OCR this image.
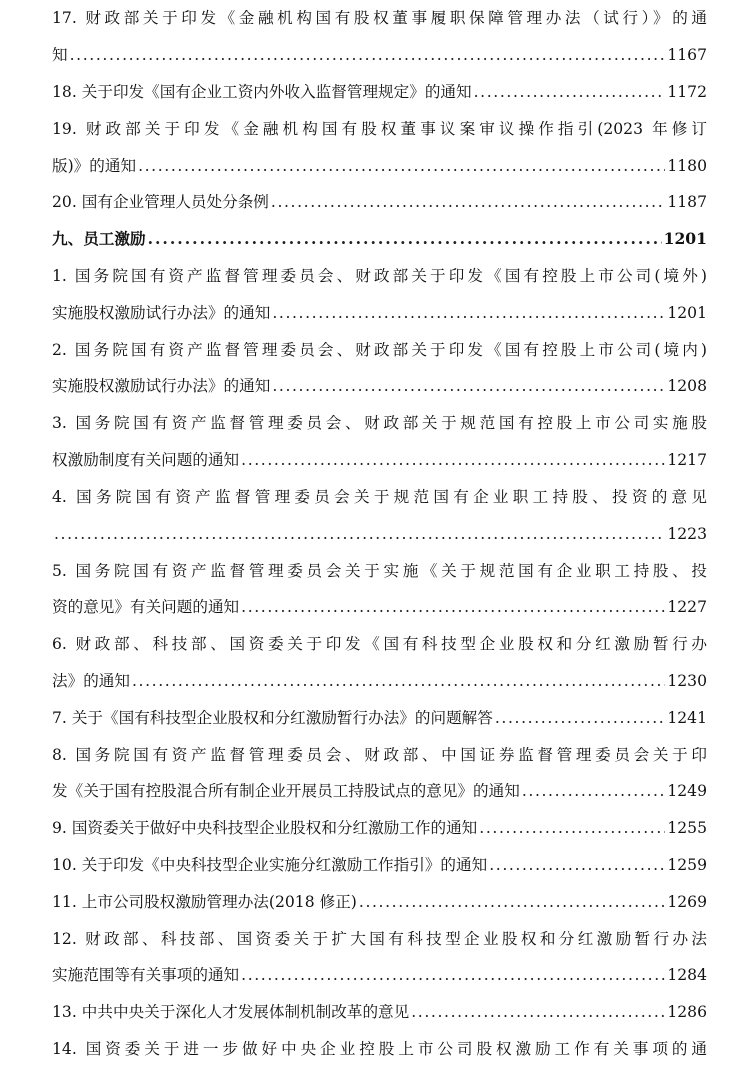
17. 财政部关于印发《金融机构国有股权董事履职保障管理办法（试行）》的通
知 .....	1167
18. 关于印发《国有企业工资内外收入监督管理规定》的通知 .....	1172
19. 财政部关于印发《金融机构国有股权董事议案审议操作指引(2023 年修订
版)》的通知 .....	1180
20. 国有企业管理人员处分条例 .....	1187
九、员工激励 .....	1201
1. 国务院国有资产监督管理委员会、财政部关于印发《国有控股上市公司(境外)
实施股权激励试行办法》的通知 .....	1201
2. 国务院国有资产监督管理委员会、财政部关于印发《国有控股上市公司(境内)
实施股权激励试行办法》的通知 .....	1208
3. 国务院国有资产监督管理委员会、财政部关于规范国有控股上市公司实施股
权激励制度有关问题的通知 .....	1217
4. 国务院国有资产监督管理委员会关于规范国有企业职工持股、投资的意见
.....
1223
5. 国务院国有资产监督管理委员会关于实施《关于规范国有企业职工持股、投
资的意见》有关问题的通知 .....	1227
6. 财政部、科技部、国资委关于印发《国有科技型企业股权和分红激励暂行办
法》的通知 .....	1230
7. 关于《国有科技型企业股权和分红激励暂行办法》的问题解答 .....	1241
8. 国务院国有资产监督管理委员会、财政部、中国证券监督管理委员会关于印
发《关于国有控股混合所有制企业开展员工持股试点的意见》的通知 .....	1249
9. 国资委关于做好中央科技型企业股权和分红激励工作的通知 .....	1255
10. 关于印发《中央科技型企业实施分红激励工作指引》的通知 .....	1259
11. 上市公司股权激励管理办法(2018 修正) .....	1269
12. 财政部、科技部、国资委关于扩大国有科技型企业股权和分红激励暂行办法
实施范围等有关事项的通知 .....	1284
13. 中共中央关于深化人才发展体制机制改革的意见 .....	1286
14. 国资委关于进一步做好中央企业控股上市公司股权激励工作有关事项的通
